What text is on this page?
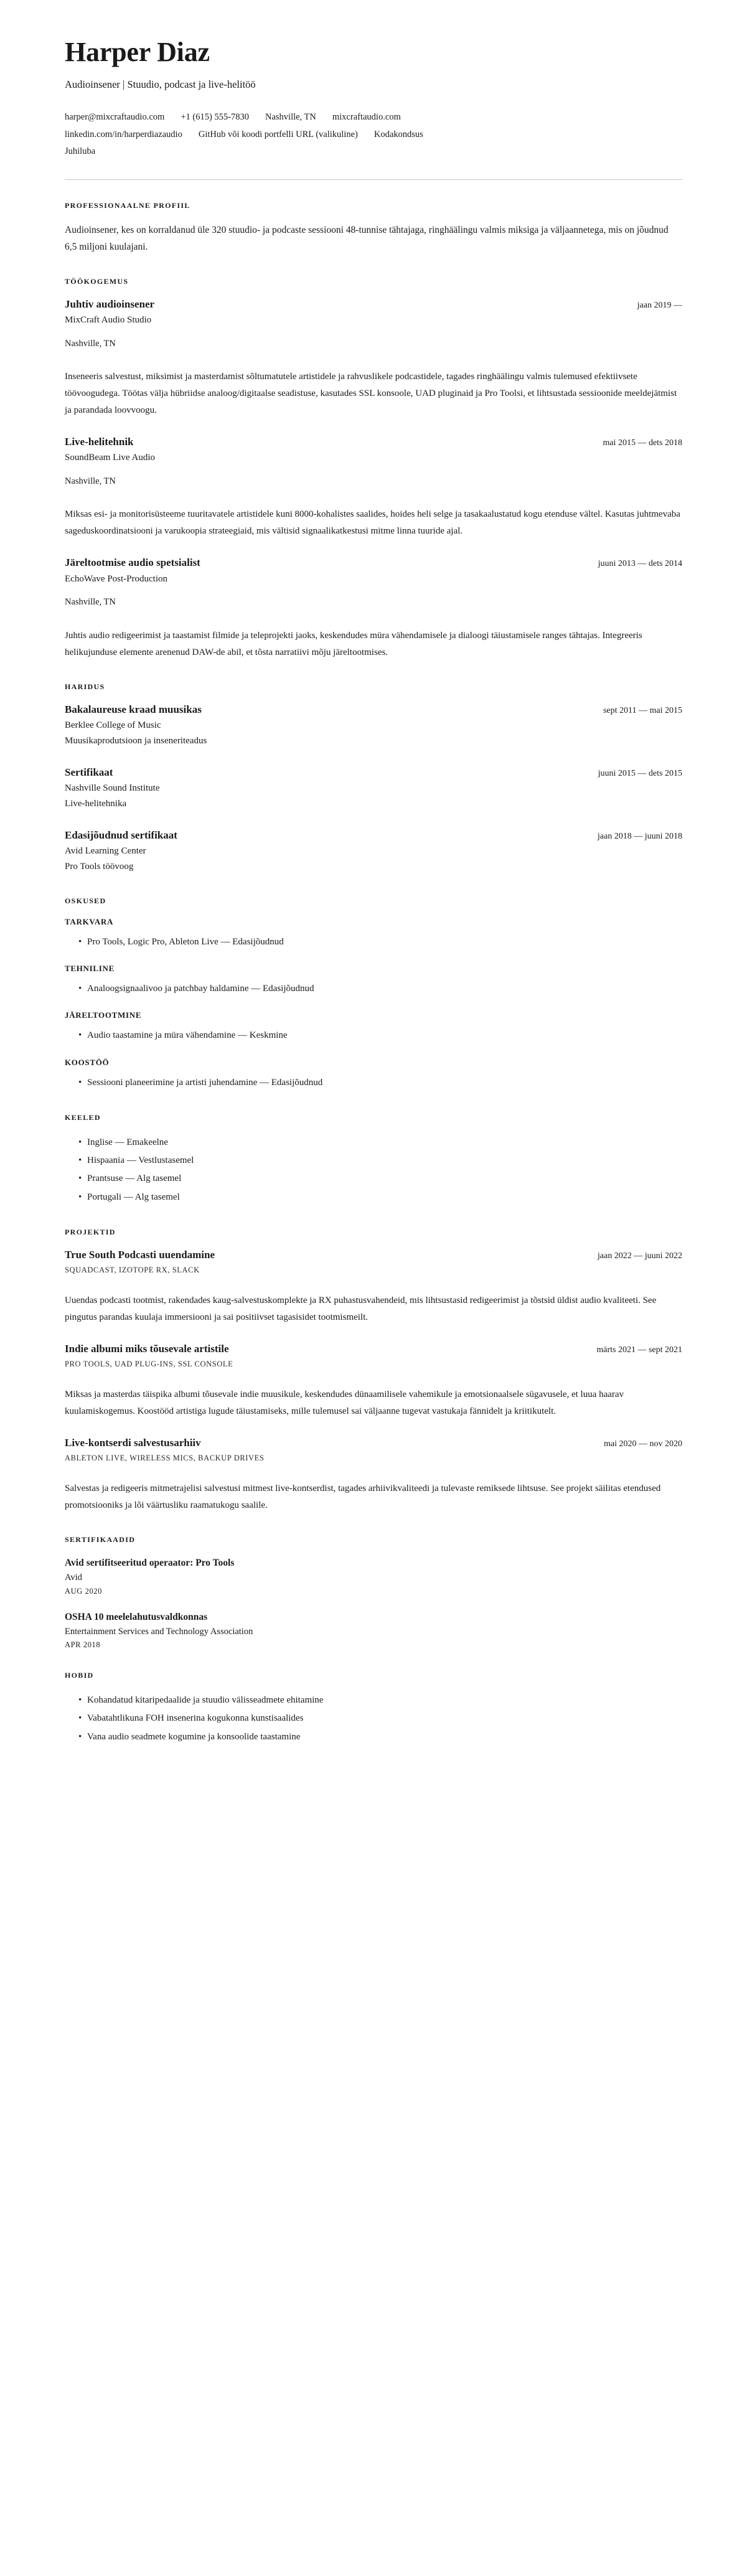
Harper Diaz
Audioinsener | Stuudio, podcast ja live-helitöö
harper@mixcraftaudio.com +1 (615) 555-7830 Nashville, TN mixcraftaudio.com
linkedin.com/in/harperdiazaudio GitHub või koodi portfelli URL (valikuline) Kodakondsus
Juhiluba
PROFESSIONAALNE PROFIIL

Audioinsener, kes on korraldanud üle 320 stuudio- ja podcaste sessiooni 48-tunnise tähtajaga, ringhäälingu valmis miksiga ja väljaannetega, mis on jõudnud 6,5 miljoni kuulajani.

TÖÖKOGEMUS
Juhtiv audioinsener	jaan 2019 —

MixCraft Audio Studio

Nashville, TN

Inseneeris salvestust, miksimist ja masterdamist sõltumatutele artistidele ja rahvuslikele podcastidele, tagades ringhäälingu valmis tulemused efektiivsete töövoogudega. Töötas välja hübriidse analoog/digitaalse seadistuse, kasutades SSL konsoole, UAD pluginaid ja Pro Toolsi, et lihtsustada sessioonide meeldejätmist ja parandada loovvoogu.

Live-helitehnik	mai 2015 — dets 2018

SoundBeam Live Audio

Nashville, TN

Miksas esi- ja monitorisüsteeme tuuritavatele artistidele kuni 8000-kohalistes saalides, hoides heli selge ja tasakaalustatud kogu etenduse vältel. Kasutas juhtmevaba sageduskoordinatsiooni ja varukoopia strateegiaid, mis vältisid signaalikatkestusi mitme linna tuuride ajal.

Järeltootmise audio spetsialist	juuni 2013 — dets 2014

EchoWave Post-Production

Nashville, TN

Juhtis audio redigeerimist ja taastamist filmide ja teleprojekti jaoks, keskendudes müra vähendamisele ja dialoogi täiustamisele ranges tähtajas. Integreeris helikujunduse elemente arenenud DAW-de abil, et tõsta narratiivi mõju järeltootmises.

HARIDUS
Bakalaureuse kraad muusikas	sept 2011 — mai 2015

Berklee College of Music

Muusikaprodutsioon ja inseneriteadus

Sertifikaat	juuni 2015 — dets 2015

Nashville Sound Institute

Live-helitehnika

Edasijõudnud sertifikaat	jaan 2018 — juuni 2018

Avid Learning Center

Pro Tools töövoog

OSKUSED
TARKVARA
• Pro Tools, Logic Pro, Ableton Live — Edasijõudnud
TEHNILINE
• Analoogsignaalivoo ja patchbay haldamine — Edasijõudnud
JÄRELTOOTMINE
• Audio taastamine ja müra vähendamine — Keskmine
KOOSTÖÖ
• Sessiooni planeerimine ja artisti juhendamine — Edasijõudnud
KEELED
• Inglise — Emakeelne
• Hispaania — Vestlustasemel
• Prantsuse — Alg tasemel
• Portugali — Alg tasemel
PROJEKTID
True South Podcasti uuendamine	jaan 2022 — juuni 2022

SQUADCAST, IZOTOPE RX, SLACK

Uuendas podcasti tootmist, rakendades kaug-salvestuskomplekte ja RX puhastusvahendeid, mis lihtsustasid redigeerimist ja tõstsid üldist audio kvaliteeti. See pingutus parandas kuulaja immersiooni ja sai positiivset tagasisidet tootmismeilt.

Indie albumi miks tõusevale artistile	märts 2021 — sept 2021

PRO TOOLS, UAD PLUG-INS, SSL CONSOLE

Miksas ja masterdas täispika albumi tõusevale indie muusikule, keskendudes dünaamilisele vahemikule ja emotsionaalsele sügavusele, et luua haarav kuulamiskogemus. Koostööd artistiga lugude täiustamiseks, mille tulemusel sai väljaanne tugevat vastukaja fännidelt ja kriitikutelt.

Live-kontserdi salvestusarhiiv	mai 2020 — nov 2020

ABLETON LIVE, WIRELESS MICS, BACKUP DRIVES

Salvestas ja redigeeris mitmetrajelisi salvestusi mitmest live-kontserdist, tagades arhiivikvaliteedi ja tulevaste remiksede lihtsuse. See projekt säilitas etendused promotsiooniks ja lõi väärtusliku raamatukogu saalile.

SERTIFIKAADID

Avid sertifitseeritud operaator: Pro Tools

Avid

AUG 2020

OSHA 10 meelelahutusvaldkonnas

Entertainment Services and Technology Association

APR 2018

HOBID
• Kohandatud kitaripedaalide ja stuudio välisseadmete ehitamine
• Vabatahtlikuna FOH insenerina kogukonna kunstisaalides
• Vana audio seadmete kogumine ja konsoolide taastamine
